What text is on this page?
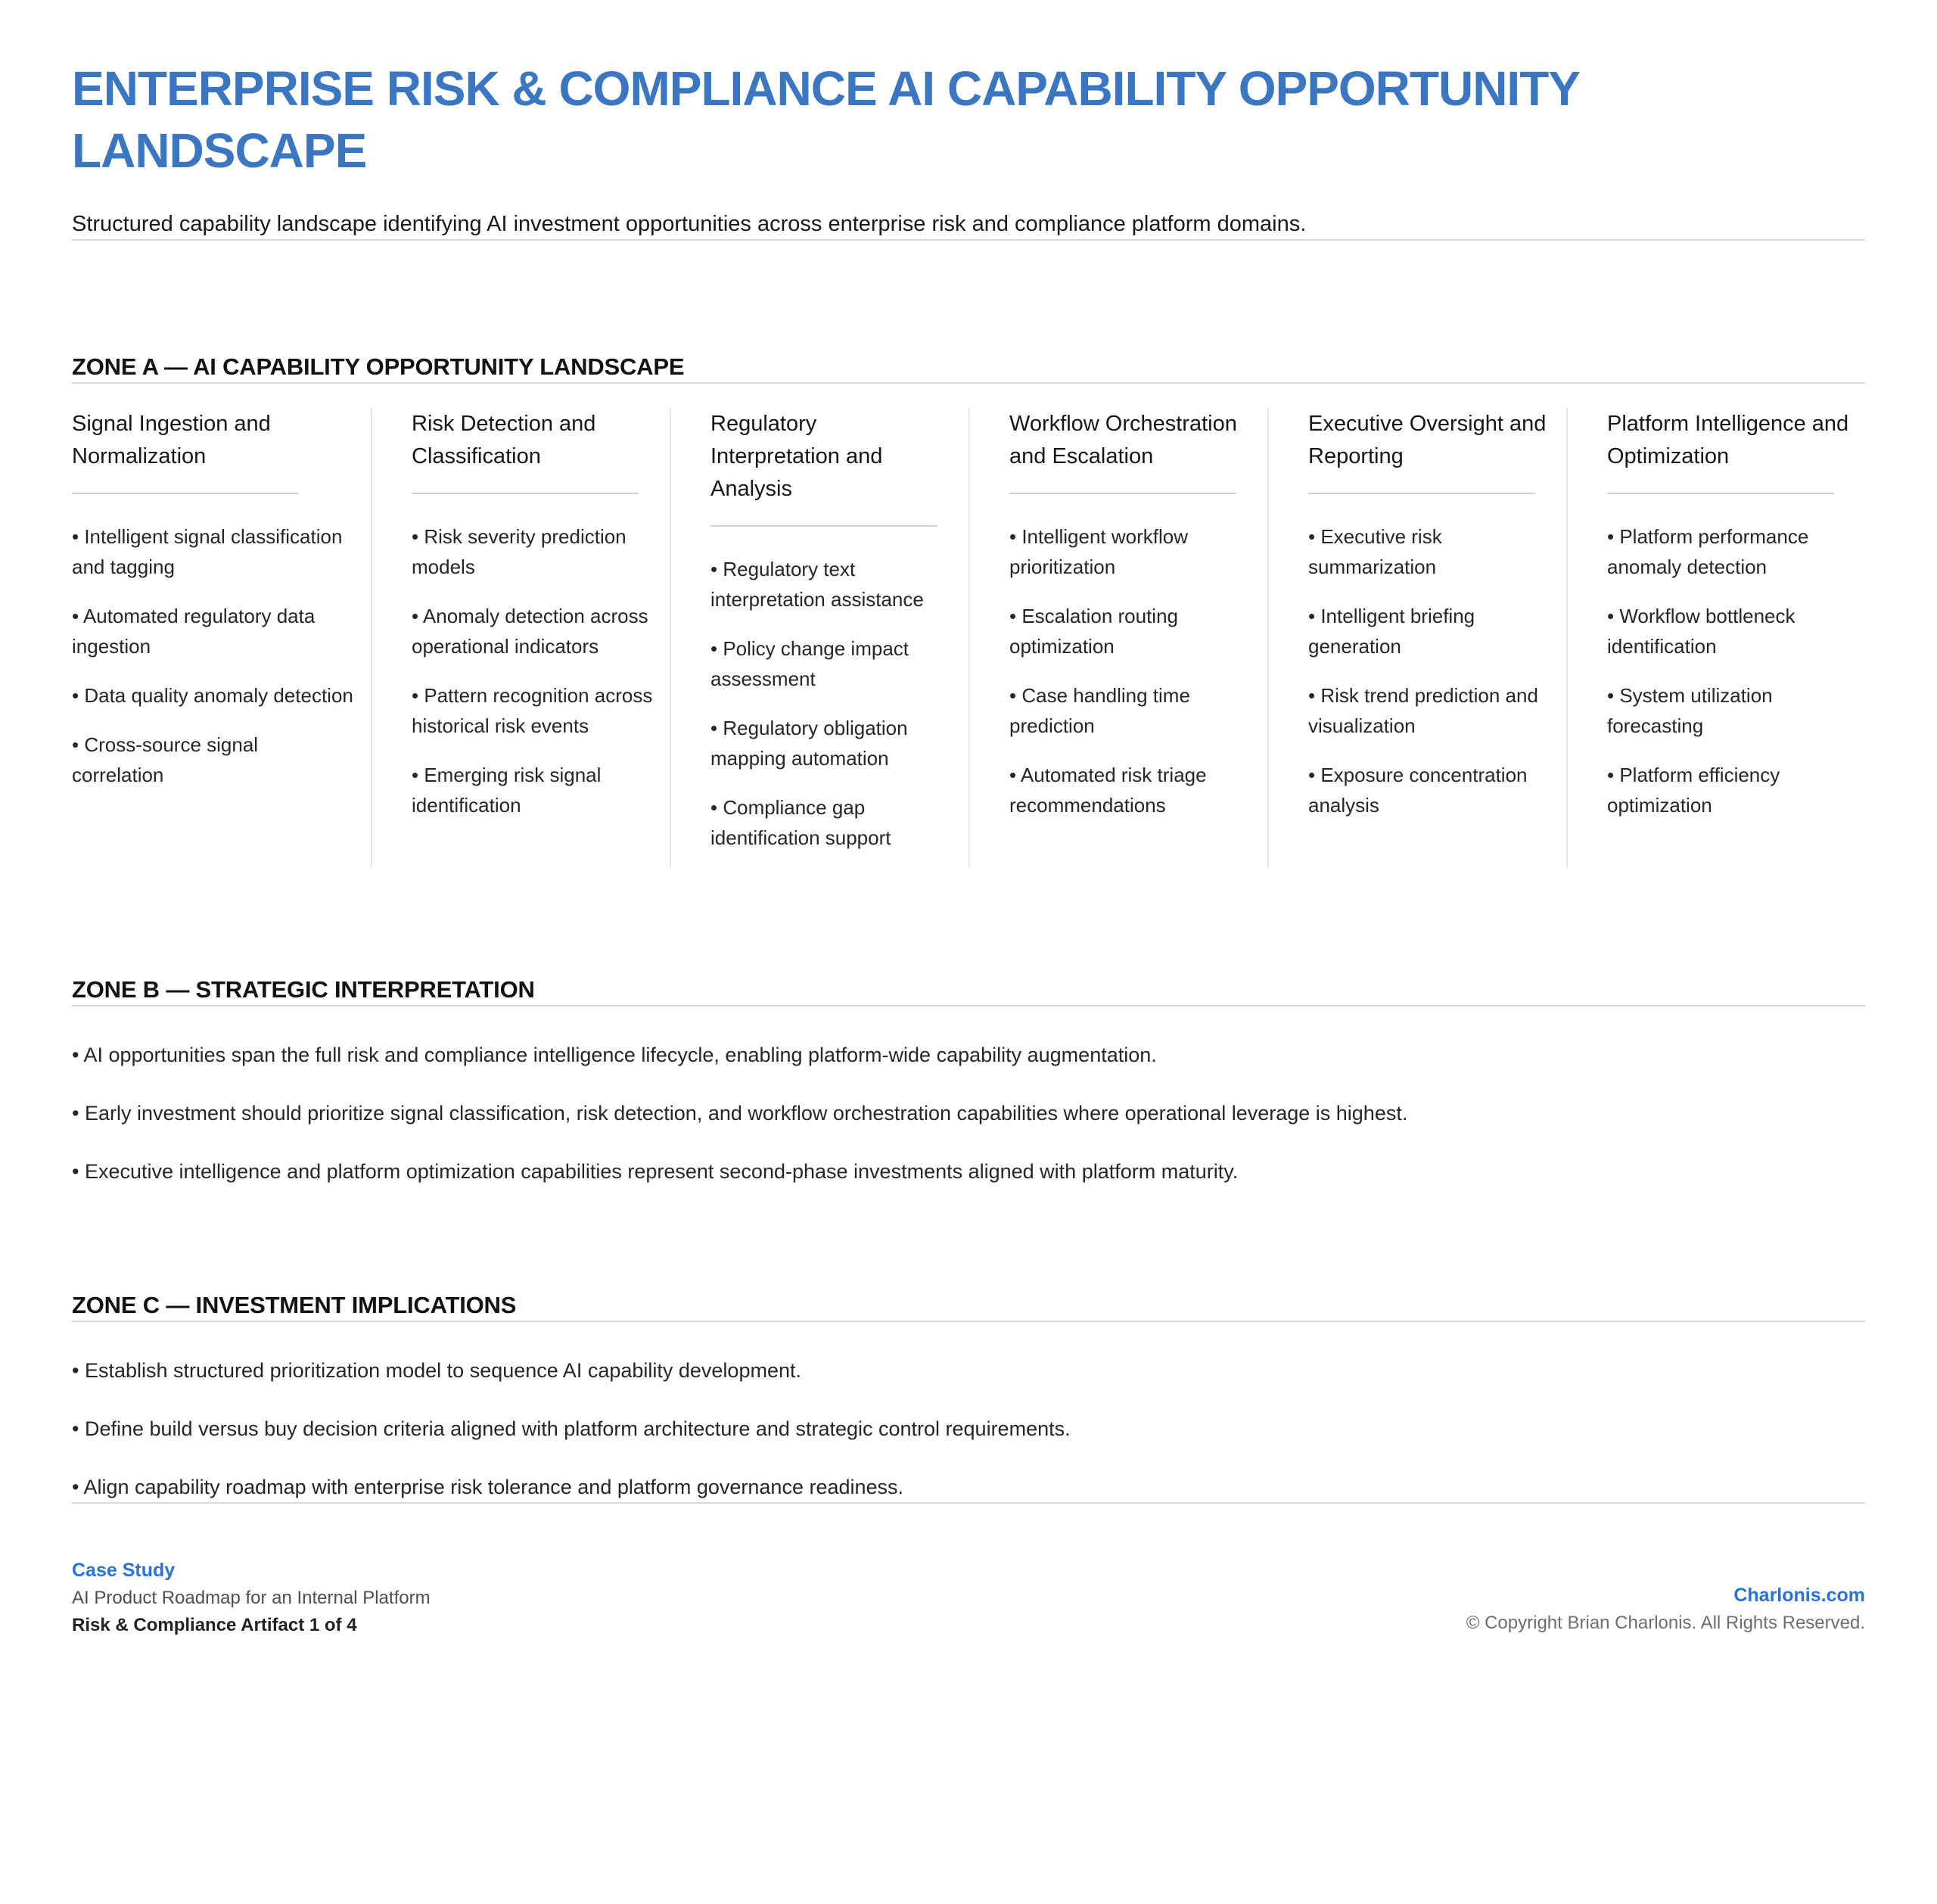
ENTERPRISE RISK & COMPLIANCE AI CAPABILITY OPPORTUNITY LANDSCAPE

Structured capability landscape identifying AI investment opportunities across enterprise risk and compliance platform domains.

ZONE A — AI CAPABILITY OPPORTUNITY LANDSCAPE
Signal Ingestion and Normalization
• Intelligent signal classification and tagging
• Automated regulatory data ingestion
• Data quality anomaly detection
• Cross-source signal correlation
Risk Detection and Classification
• Risk severity prediction models
• Anomaly detection across operational indicators
• Pattern recognition across historical risk events
• Emerging risk signal identification
Regulatory Interpretation and Analysis
• Regulatory text interpretation assistance
• Policy change impact assessment
• Regulatory obligation mapping automation
• Compliance gap identification support
Workflow Orchestration and Escalation
• Intelligent workflow prioritization
• Escalation routing optimization
• Case handling time prediction
• Automated risk triage recommendations
Executive Oversight and Reporting
• Executive risk summarization
• Intelligent briefing generation
• Risk trend prediction and visualization
• Exposure concentration analysis
Platform Intelligence and Optimization
• Platform performance anomaly detection
• Workflow bottleneck identification
• System utilization forecasting
• Platform efficiency optimization
ZONE B — STRATEGIC INTERPRETATION
• AI opportunities span the full risk and compliance intelligence lifecycle, enabling platform-wide capability augmentation.
• Early investment should prioritize signal classification, risk detection, and workflow orchestration capabilities where operational leverage is highest.
• Executive intelligence and platform optimization capabilities represent second-phase investments aligned with platform maturity.
ZONE C — INVESTMENT IMPLICATIONS
• Establish structured prioritization model to sequence AI capability development.
• Define build versus buy decision criteria aligned with platform architecture and strategic control requirements.
• Align capability roadmap with enterprise risk tolerance and platform governance readiness.
Case Study
AI Product Roadmap for an Internal Platform
Risk & Compliance Artifact 1 of 4
Charlonis.com
© Copyright Brian Charlonis. All Rights Reserved.
